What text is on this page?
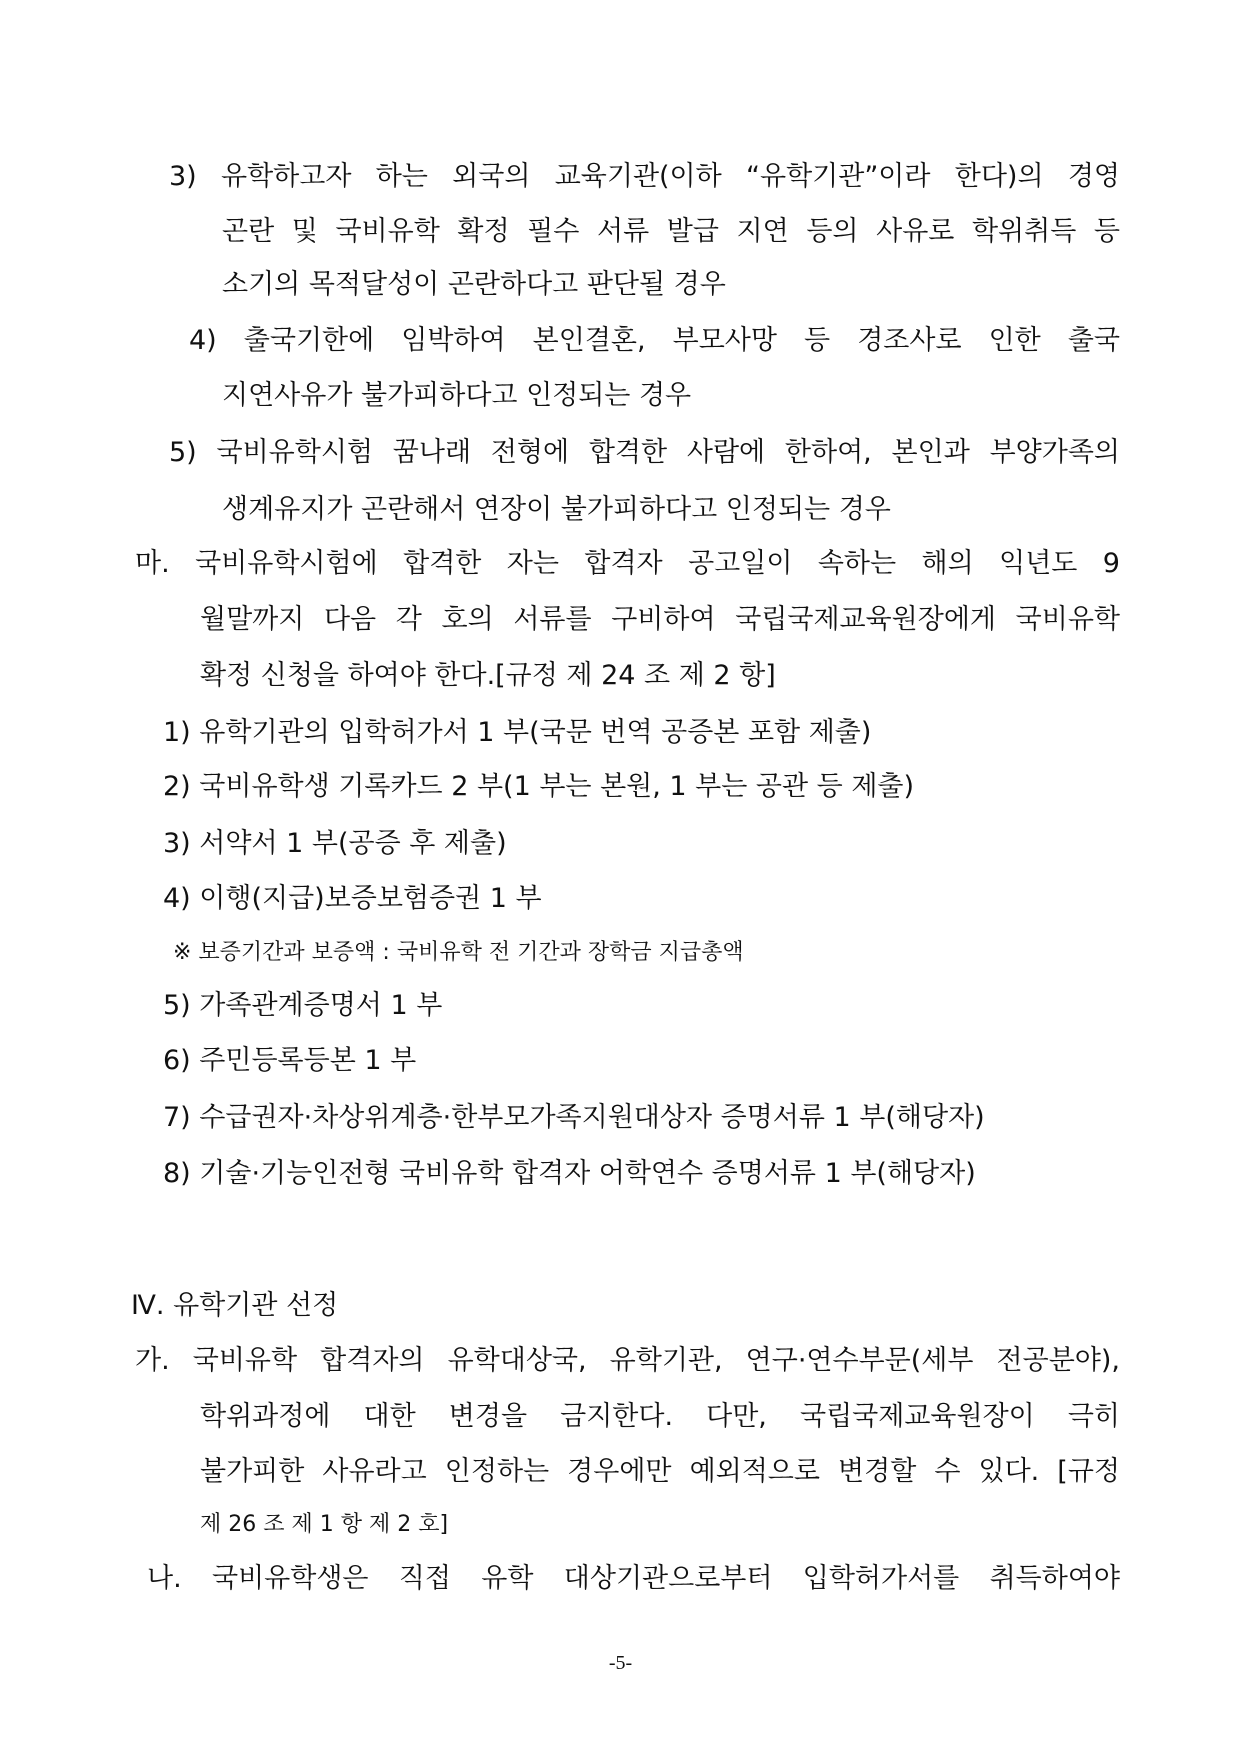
3) 유학하고자 하는 외국의 교육기관(이하 “유학기관”이라 한다)의 경영
곤란 및 국비유학 확정 필수 서류 발급 지연 등의 사유로 학위취득 등
소기의 목적달성이 곤란하다고 판단될 경우
4) 출국기한에 임박하여 본인결혼, 부모사망 등 경조사로 인한 출국
지연사유가 불가피하다고 인정되는 경우
5) 국비유학시험 꿈나래 전형에 합격한 사람에 한하여, 본인과 부양가족의
생계유지가 곤란해서 연장이 불가피하다고 인정되는 경우
마. 국비유학시험에 합격한 자는 합격자 공고일이 속하는 해의 익년도 9
월말까지 다음 각 호의 서류를 구비하여 국립국제교육원장에게 국비유학
확정 신청을 하여야 한다.[규정 제 24 조 제 2 항]
1) 유학기관의 입학허가서 1 부(국문 번역 공증본 포함 제출)
2) 국비유학생 기록카드 2 부(1 부는 본원, 1 부는 공관 등 제출)
3) 서약서 1 부(공증 후 제출)
4) 이행(지급)보증보험증권 1 부
※ 보증기간과 보증액 : 국비유학 전 기간과 장학금 지급총액
5) 가족관계증명서 1 부
6) 주민등록등본 1 부
7) 수급권자·차상위계층·한부모가족지원대상자 증명서류 1 부(해당자)
8) 기술·기능인전형 국비유학 합격자 어학연수 증명서류 1 부(해당자)
Ⅳ. 유학기관 선정
가. 국비유학 합격자의 유학대상국, 유학기관, 연구·연수부문(세부 전공분야),
학위과정에 대한 변경을 금지한다. 다만, 국립국제교육원장이 극히
불가피한 사유라고 인정하는 경우에만 예외적으로 변경할 수 있다. [규정
제 26 조 제 1 항 제 2 호]
나. 국비유학생은 직접 유학 대상기관으로부터 입학허가서를 취득하여야
-5-
